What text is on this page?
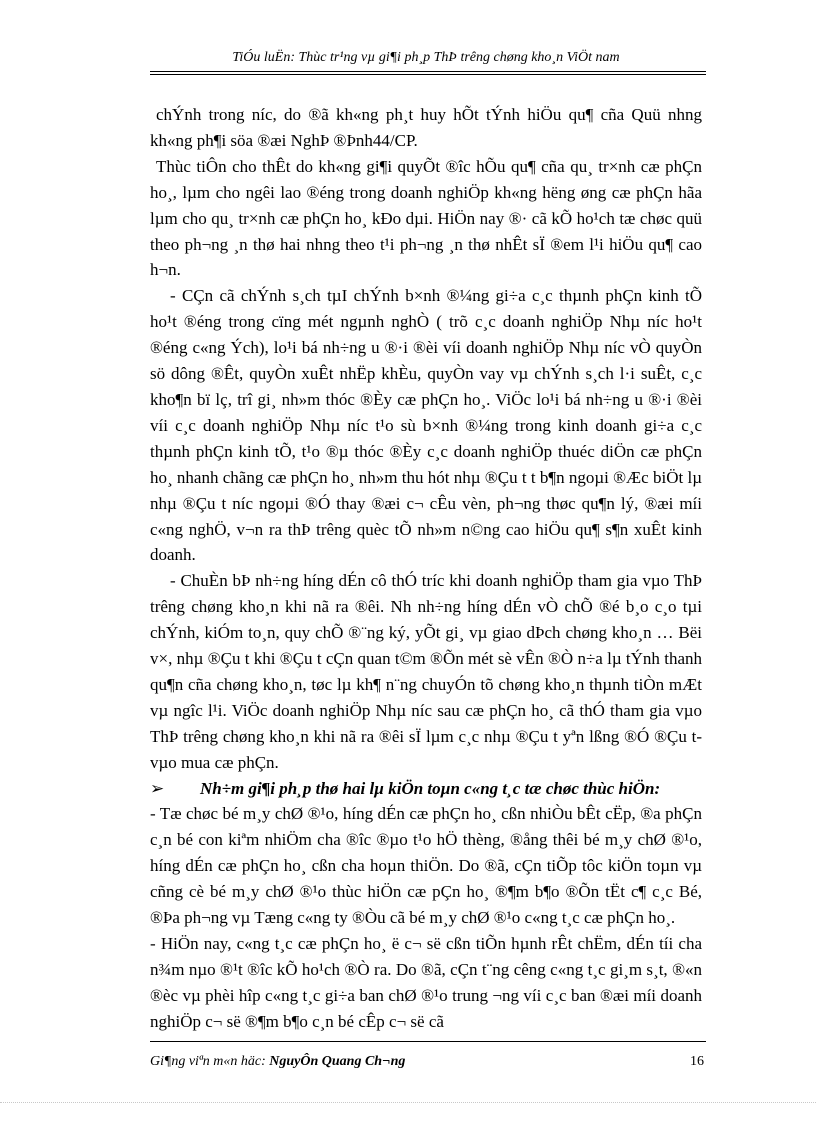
TiÓu luËn: Thùc tr¹ng vµ gi¶i ph¸p ThÞ trêng chøng kho¸n ViÖt nam

chÝnh trong níc, do ®ã kh«ng ph¸t huy hÕt tÝnh hiÖu qu¶ cña Quü nhng kh«ng ph¶i söa ®æi NghÞ ®Þnh44/CP.

Thùc tiÔn cho thÊt do kh«ng gi¶i quyÕt ®îc hÕu qu¶ cña qu¸ tr×nh cæ phÇn ho¸, lµm cho ngêi lao ®éng trong doanh nghiÖp kh«ng hëng øng cæ phÇn hãa lµm cho qu¸ tr×nh cæ phÇn ho¸ kÐo dµi. HiÖn nay ®· cã kÕ ho¹ch tæ chøc quü theo ph¬ng ¸n thø hai nhng theo t¹i ph¬ng ¸n thø nhÊt sÏ ®em l¹i hiÖu qu¶ cao h¬n.

- CÇn cã chÝnh s¸ch tµI chÝnh b×nh ®¼ng gi÷a c¸c thµnh phÇn kinh tÕ ho¹t ®éng trong cïng mét ngµnh nghÒ ( trõ c¸c doanh nghiÖp Nhµ níc ho¹t ®éng c«ng Ých), lo¹i bá nh÷ng u ®·i ®èi víi doanh nghiÖp Nhµ níc vÒ quyÒn sö dông ®Êt, quyÒn xuÊt nhËp khÈu, quyÒn vay vµ chÝnh s¸ch l·i suÊt, c¸c kho¶n bï lç, trî gi¸ nh»m thóc ®Èy cæ phÇn ho¸. ViÖc lo¹i bá nh÷ng u ®·i ®èi víi c¸c doanh nghiÖp Nhµ níc t¹o sù b×nh ®¼ng trong kinh doanh gi÷a c¸c thµnh phÇn kinh tÕ, t¹o ®µ thóc ®Èy c¸c doanh nghiÖp thuéc diÖn cæ phÇn ho¸ nhanh chãng cæ phÇn ho¸ nh»m thu hót nhµ ®Çu t t b¶n ngoµi ®Æc biÖt lµ nhµ ®Çu t níc ngoµi ®Ó thay ®æi c¬ cÊu vèn, ph¬ng thøc qu¶n lý, ®æi míi c«ng nghÖ, v¬n ra thÞ trêng quèc tÕ nh»m n©ng cao hiÖu qu¶ s¶n xuÊt kinh doanh.

- ChuÈn bÞ nh÷ng híng dÉn cô thÓ tríc khi doanh nghiÖp tham gia vµo ThÞ trêng chøng kho¸n khi nã ra ®êi. Nh nh÷ng híng dÉn vÒ chÕ ®é b¸o c¸o tµi chÝnh, kiÓm to¸n, quy chÕ ®¨ng ký, yÕt gi¸ vµ giao dÞch chøng kho¸n … Bëi v×, nhµ ®Çu t khi ®Çu t cÇn quan t©m ®Õn mét sè vÊn ®Ò n÷a lµ tÝnh thanh qu¶n cña chøng kho¸n, tøc lµ kh¶ n¨ng chuyÓn tõ chøng kho¸n thµnh tiÒn mÆt vµ ngîc l¹i. ViÖc doanh nghiÖp Nhµ níc sau cæ phÇn ho¸ cã thÓ tham gia vµo ThÞ trêng chøng kho¸n khi nã ra ®êi sÏ lµm c¸c nhµ ®Çu t yªn lßng ®Ó ®Çu t vµo mua cæ phÇn.

➢ Nh÷m gi¶i ph¸p thø hai lµ kiÖn toµn c«ng t¸c tæ chøc thùc hiÖn:

- Tæ chøc bé m¸y chØ ®¹o, híng dÉn cæ phÇn ho¸ cßn nhiÒu bÊt cËp, ®a phÇn c¸n bé con kiªm nhiÖm cha ®îc ®µo t¹o hÖ thèng, ®ång thêi bé m¸y chØ ®¹o, híng dÉn cæ phÇn ho¸ cßn cha hoµn thiÖn. Do ®ã, cÇn tiÕp tôc kiÖn toµn vµ cñng cè bé m¸y chØ ®¹o thùc hiÖn cæ pÇn ho¸ ®¶m b¶o ®Õn tËt c¶ c¸c Bé, ®Þa ph¬ng vµ Tæng c«ng ty ®Òu cã bé m¸y chØ ®¹o c«ng t¸c cæ phÇn ho¸.

- HiÖn nay, c«ng t¸c cæ phÇn ho¸ ë c¬ së cßn tiÕn hµnh rÊt chËm, dÉn tíi cha n¾m nµo ®¹t ®îc kÕ ho¹ch ®Ò ra. Do ®ã, cÇn t¨ng cêng c«ng t¸c gi¸m s¸t, ®«n ®èc vµ phèi hîp c«ng t¸c gi÷a ban chØ ®¹o trung ¬ng víi c¸c ban ®æi míi doanh nghiÖp c¬ së ®¶m b¶o c¸n bé cÊp c¬ së cã

Gi¶ng viªn m«n häc: NguyÔn Quang Ch¬ng	16
